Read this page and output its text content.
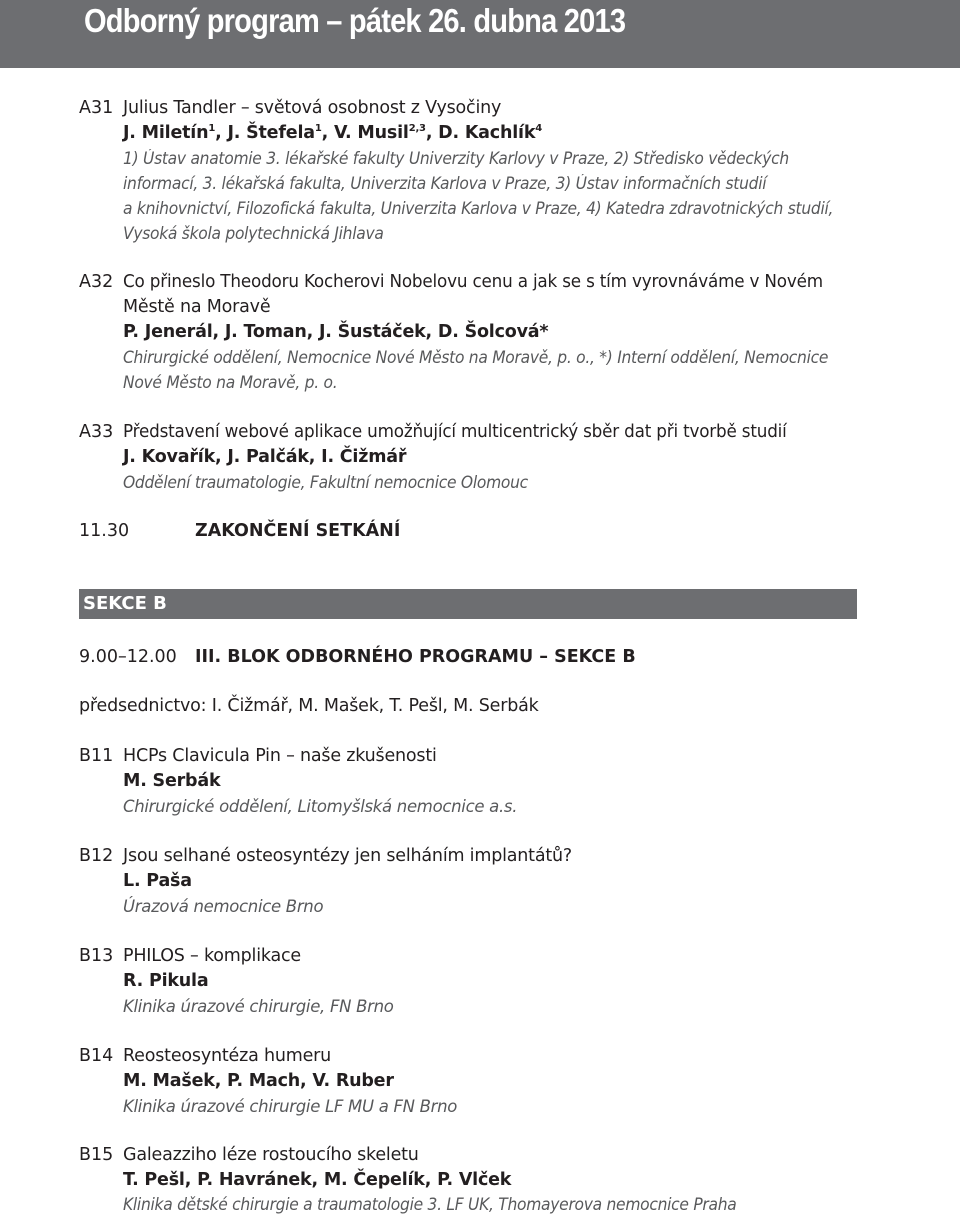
Odborný program – pátek 26. dubna 2013
A31 Julius Tandler – světová osobnost z Vysočiny
J. Miletín$^1$, J. Štefela$^1$, V. Musil$^{2,3}$, D. Kachlík$^4$
1) Ústav anatomie 3. lékařské fakulty Univerzity Karlovy v Praze, 2) Středisko vědeckých
informací, 3. lékařská fakulta, Univerzita Karlova v Praze, 3) Ústav informačních studií
a knihovnictví, Filozofická fakulta, Univerzita Karlova v Praze, 4) Katedra zdravotnických studií,
Vysoká škola polytechnická Jihlava
A32 Co přineslo Theodoru Kocherovi Nobelovu cenu a jak se s tím vyrovnáváme v Novém
Městě na Moravě
P. Jenerál, J. Toman, J. Šustáček, D. Šolcová*
Chirurgické oddělení, Nemocnice Nové Město na Moravě, p. o., *) Interní oddělení, Nemocnice
Nové Město na Moravě, p. o.
A33 Představení webové aplikace umožňující multicentrický sběr dat při tvorbě studií
J. Kovařík, J. Palčák, I. Čižmář
Oddělení traumatologie, Fakultní nemocnice Olomouc
11.30	ZAKONČENÍ SETKÁNÍ
SEKCE B
9.00–12.00 III. BLOK ODBORNÉHO PROGRAMU – SEKCE B
předsednictvo: I. Čižmář, M. Mašek, T. Pešl, M. Serbák
B11 HCPs Clavicula Pin – naše zkušenosti
M. Serbák
Chirurgické oddělení, Litomyšlská nemocnice a.s.
B12 Jsou selhané osteosyntézy jen selháním implantátů?
L. Paša
Úrazová nemocnice Brno
B13 PHILOS – komplikace
R. Pikula
Klinika úrazové chirurgie, FN Brno
B14 Reosteosyntéza humeru
M. Mašek, P. Mach, V. Ruber
Klinika úrazové chirurgie LF MU a FN Brno
B15 Galeazziho léze rostoucího skeletu
T. Pešl, P. Havránek, M. Čepelík, P. Vlček
Klinika dětské chirurgie a traumatologie 3. LF UK, Thomayerova nemocnice Praha
